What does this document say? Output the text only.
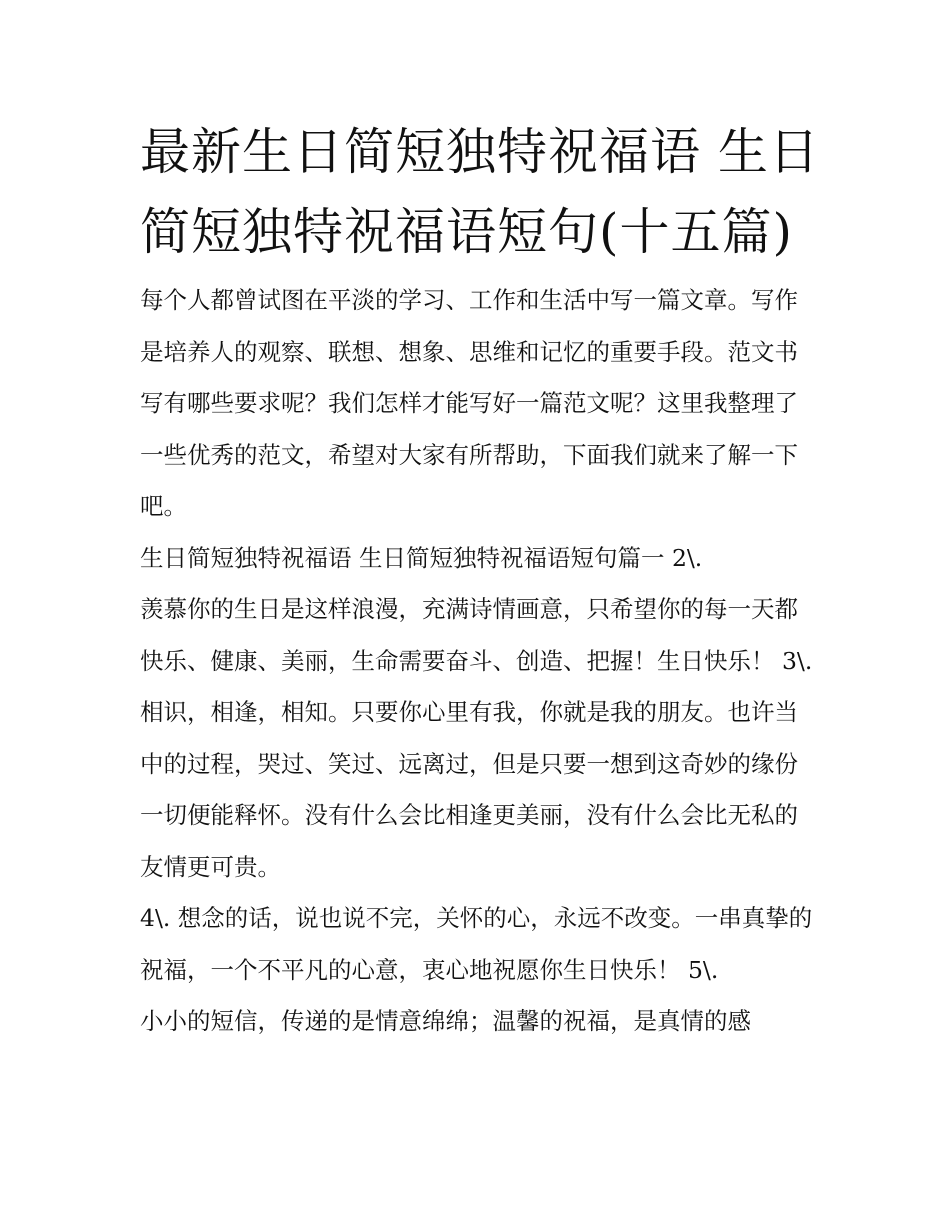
最新生日简短独特祝福语 生日简短独特祝福语短句(十五篇)

每个人都曾试图在平淡的学习、工作和生活中写一篇文章。写作是培养人的观察、联想、想象、思维和记忆的重要手段。范文书写有哪些要求呢？我们怎样才能写好一篇范文呢？这里我整理了一些优秀的范文，希望对大家有所帮助，下面我们就来了解一下吧。

生日简短独特祝福语 生日简短独特祝福语短句篇一 2\.

羡慕你的生日是这样浪漫，充满诗情画意，只希望你的每一天都快乐、健康、美丽，生命需要奋斗、创造、把握！生日快乐！ 3\.

相识，相逢，相知。只要你心里有我，你就是我的朋友。也许当中的过程，哭过、笑过、远离过，但是只要一想到这奇妙的缘份一切便能释怀。没有什么会比相逢更美丽，没有什么会比无私的友情更可贵。

4\. 想念的话，说也说不完，关怀的心，永远不改变。一串真挚的祝福，一个不平凡的心意，衷心地祝愿你生日快乐！ 5\.

小小的短信，传递的是情意绵绵；温馨的祝福，是真情的感
